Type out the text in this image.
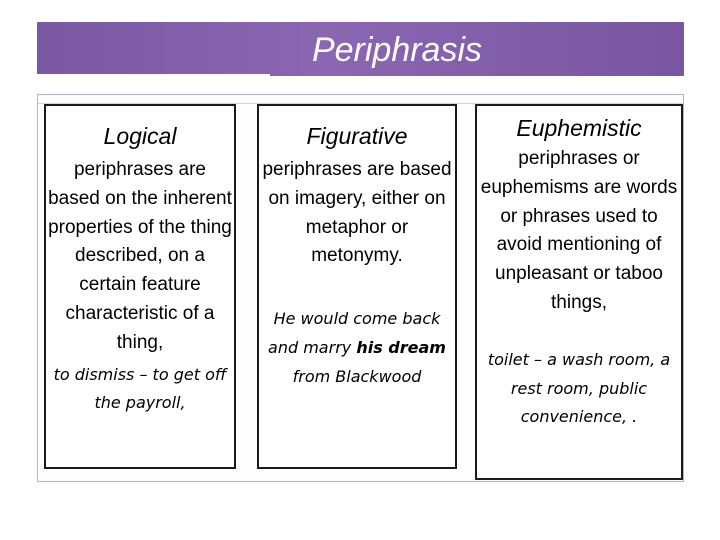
Periphrasis
Logical
periphrases are based on the inherent properties of the thing described, on a certain feature characteristic of a thing,
to dismiss – to get off the payroll,
Figurative
periphrases are based on imagery, either on metaphor or metonymy.
He would come back and marry his dream from Blackwood
Euphemistic
periphrases or euphemisms are words or phrases used to avoid mentioning of unpleasant or taboo things,
toilet – a wash room, a rest room, public convenience, .
